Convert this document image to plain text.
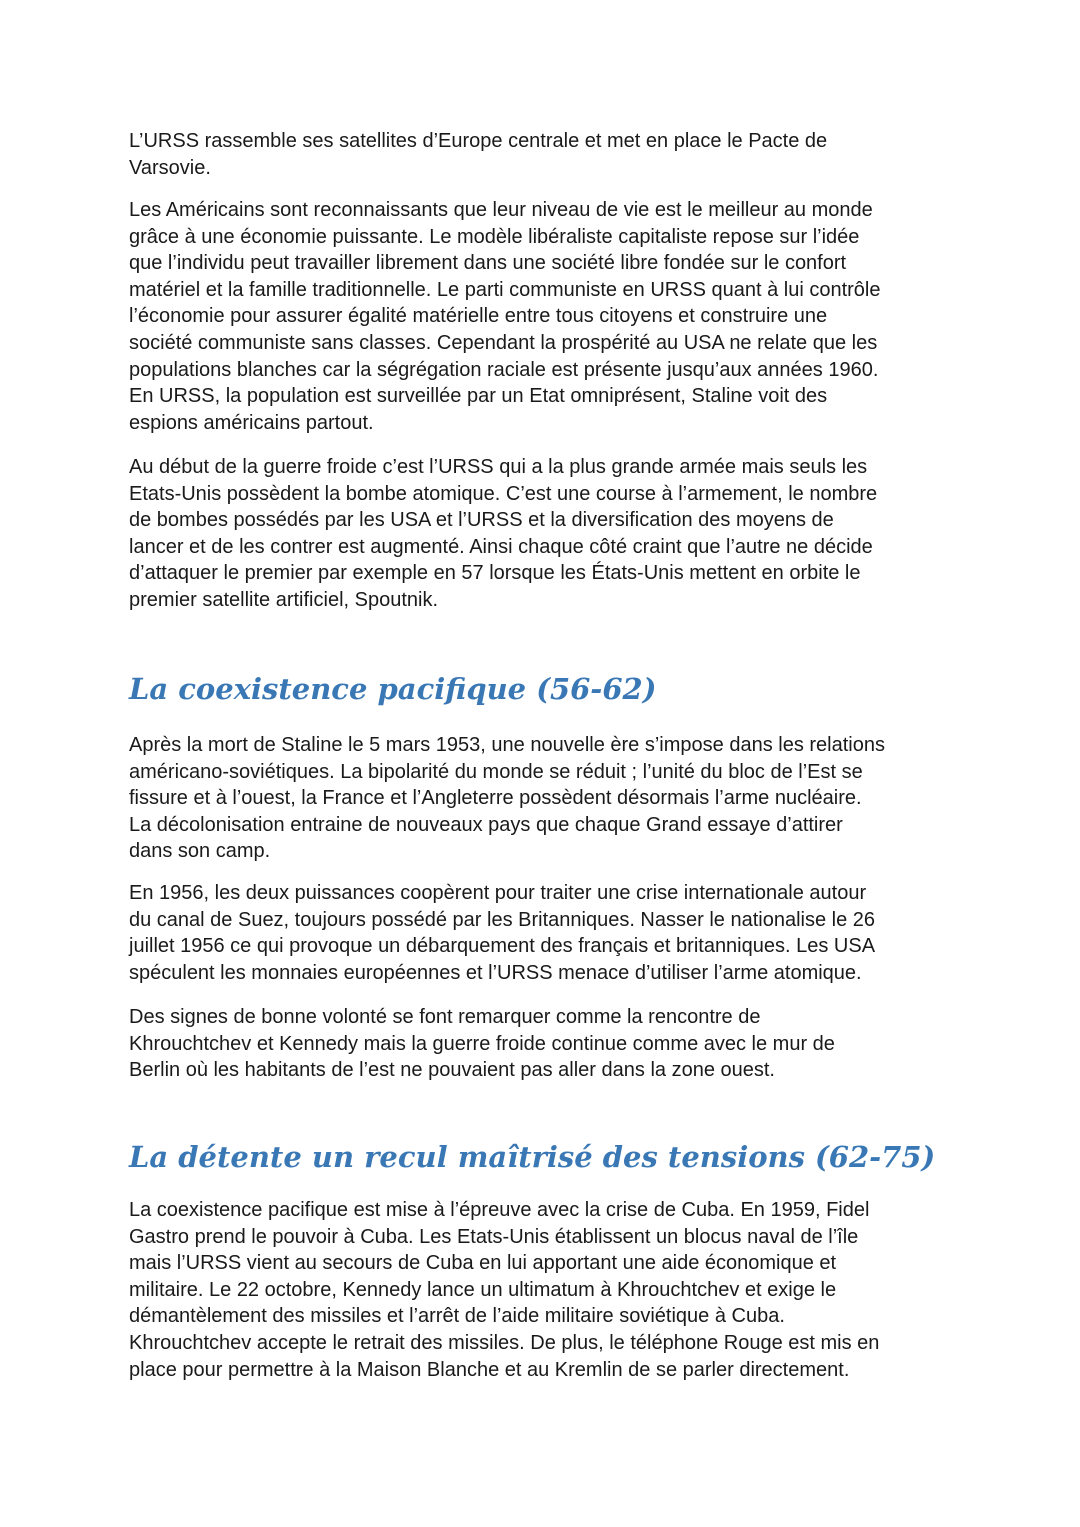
L’URSS rassemble ses satellites d’Europe centrale et met en place le Pacte de
Varsovie.
Les Américains sont reconnaissants que leur niveau de vie est le meilleur au monde
grâce à une économie puissante. Le modèle libéraliste capitaliste repose sur l’idée
que l’individu peut travailler librement dans une société libre fondée sur le confort
matériel et la famille traditionnelle. Le parti communiste en URSS quant à lui contrôle
l’économie pour assurer égalité matérielle entre tous citoyens et construire une
société communiste sans classes. Cependant la prospérité au USA ne relate que les
populations blanches car la ségrégation raciale est présente jusqu’aux années 1960.
En URSS, la population est surveillée par un Etat omniprésent, Staline voit des
espions américains partout.
Au début de la guerre froide c’est l’URSS qui a la plus grande armée mais seuls les
Etats-Unis possèdent la bombe atomique. C’est une course à l’armement, le nombre
de bombes possédés par les USA et l’URSS et la diversification des moyens de
lancer et de les contrer est augmenté. Ainsi chaque côté craint que l’autre ne décide
d’attaquer le premier par exemple en 57 lorsque les États-Unis mettent en orbite le
premier satellite artificiel, Spoutnik.
La coexistence pacifique (56-62)
Après la mort de Staline le 5 mars 1953, une nouvelle ère s’impose dans les relations
américano-soviétiques. La bipolarité du monde se réduit ; l’unité du bloc de l’Est se
fissure et à l’ouest, la France et l’Angleterre possèdent désormais l’arme nucléaire.
La décolonisation entraine de nouveaux pays que chaque Grand essaye d’attirer
dans son camp.
En 1956, les deux puissances coopèrent pour traiter une crise internationale autour
du canal de Suez, toujours possédé par les Britanniques. Nasser le nationalise le 26
juillet 1956 ce qui provoque un débarquement des français et britanniques. Les USA
spéculent les monnaies européennes et l’URSS menace d’utiliser l’arme atomique.
Des signes de bonne volonté se font remarquer comme la rencontre de
Khrouchtchev et Kennedy mais la guerre froide continue comme avec le mur de
Berlin où les habitants de l’est ne pouvaient pas aller dans la zone ouest.
La détente un recul maîtrisé des tensions (62-75)
La coexistence pacifique est mise à l’épreuve avec la crise de Cuba. En 1959, Fidel
Gastro prend le pouvoir à Cuba. Les Etats-Unis établissent un blocus naval de l’île
mais l’URSS vient au secours de Cuba en lui apportant une aide économique et
militaire. Le 22 octobre, Kennedy lance un ultimatum à Khrouchtchev et exige le
démantèlement des missiles et l’arrêt de l’aide militaire soviétique à Cuba.
Khrouchtchev accepte le retrait des missiles. De plus, le téléphone Rouge est mis en
place pour permettre à la Maison Blanche et au Kremlin de se parler directement.
